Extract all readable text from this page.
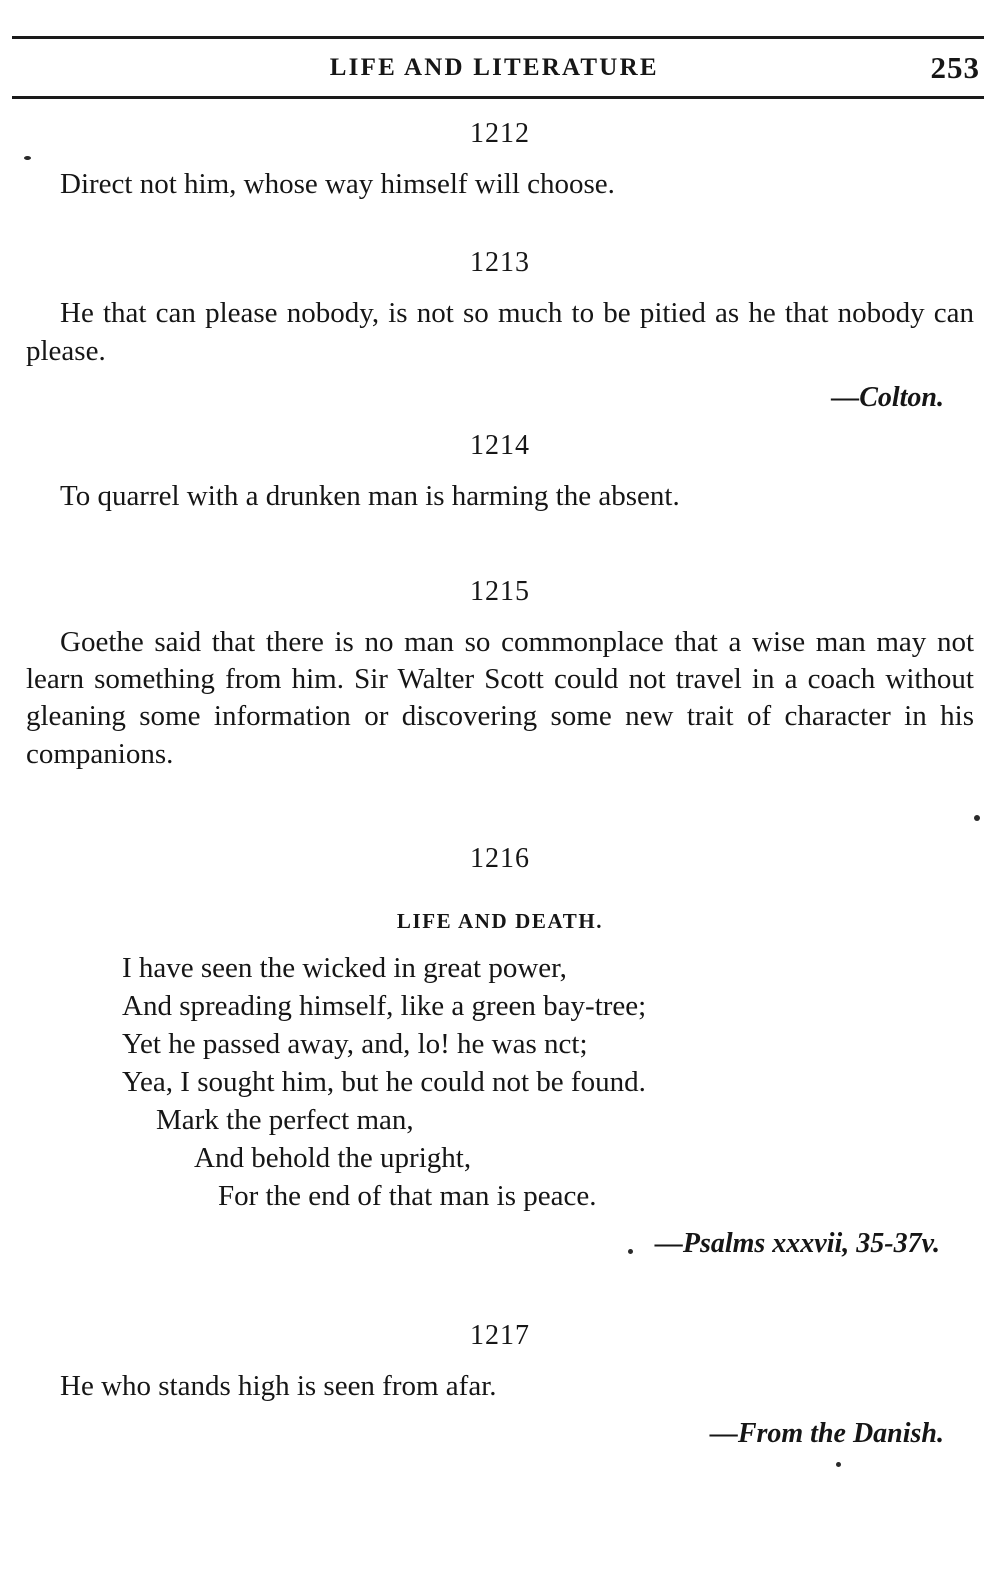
LIFE AND LITERATURE	253
1212

Direct not him, whose way himself will choose.

1213

He that can please nobody, is not so much to be pitied as he that nobody can please.

—Colton.

1214

To quarrel with a drunken man is harming the absent.

1215

Goethe said that there is no man so commonplace that a wise man may not learn something from him. Sir Walter Scott could not travel in a coach without gleaning some information or discovering some new trait of character in his companions.

1216
LIFE AND DEATH.
I have seen the wicked in great power,
And spreading himself, like a green bay-tree;
Yet he passed away, and, lo! he was nct;
Yea, I sought him, but he could not be found.
Mark the perfect man,
And behold the upright,
For the end of that man is peace.

—Psalms xxxvii, 35-37v.

1217

He who stands high is seen from afar.

—From the Danish.
